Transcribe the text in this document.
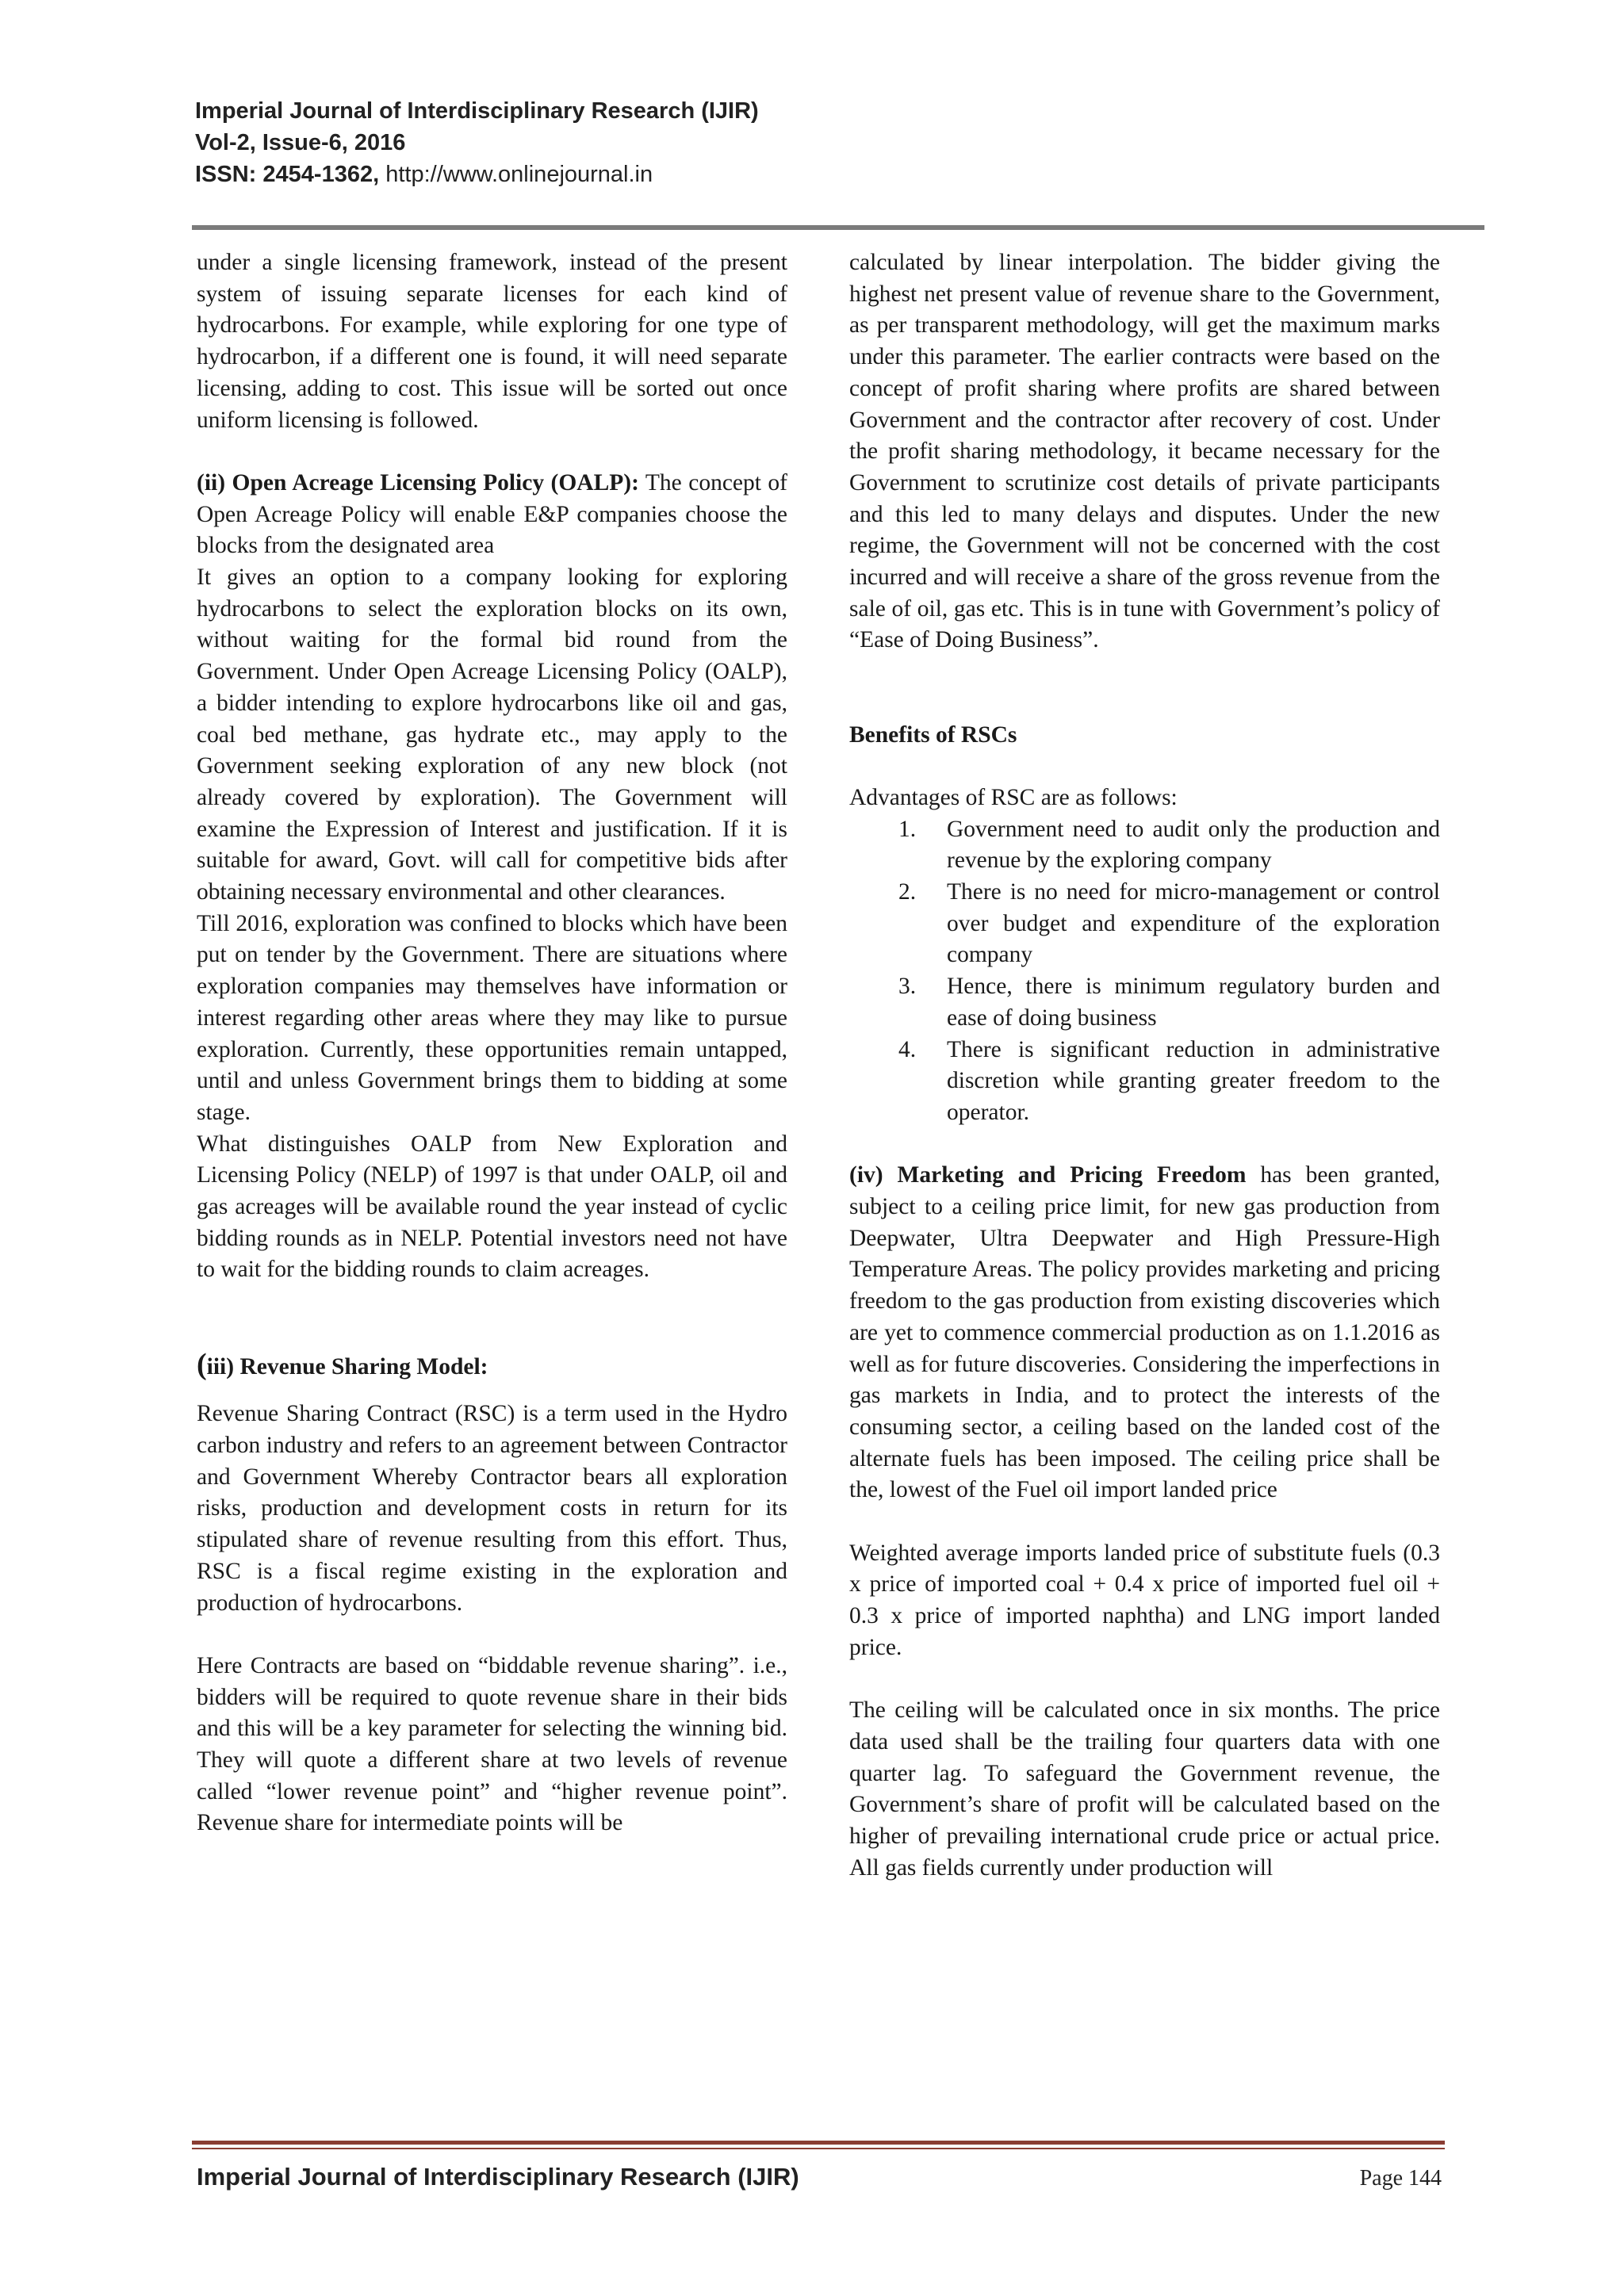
Imperial Journal of Interdisciplinary Research (IJIR)
Vol-2, Issue-6, 2016
ISSN: 2454-1362, http://www.onlinejournal.in

under a single licensing framework, instead of the present system of issuing separate licenses for each kind of hydrocarbons. For example, while exploring for one type of hydrocarbon, if a different one is found, it will need separate licensing, adding to cost. This issue will be sorted out once uniform licensing is followed.

(ii) Open Acreage Licensing Policy (OALP): The concept of Open Acreage Policy will enable E&P companies choose the blocks from the designated area

It gives an option to a company looking for exploring hydrocarbons to select the exploration blocks on its own, without waiting for the formal bid round from the Government. Under Open Acreage Licensing Policy (OALP), a bidder intending to explore hydrocarbons like oil and gas, coal bed methane, gas hydrate etc., may apply to the Government seeking exploration of any new block (not already covered by exploration). The Government will examine the Expression of Interest and justification. If it is suitable for award, Govt. will call for competitive bids after obtaining necessary environmental and other clearances.

Till 2016, exploration was confined to blocks which have been put on tender by the Government. There are situations where exploration companies may themselves have information or interest regarding other areas where they may like to pursue exploration. Currently, these opportunities remain untapped, until and unless Government brings them to bidding at some stage.

What distinguishes OALP from New Exploration and Licensing Policy (NELP) of 1997 is that under OALP, oil and gas acreages will be available round the year instead of cyclic bidding rounds as in NELP. Potential investors need not have to wait for the bidding rounds to claim acreages.

(iii) Revenue Sharing Model:

Revenue Sharing Contract (RSC) is a term used in the Hydro carbon industry and refers to an agreement between Contractor and Government Whereby Contractor bears all exploration risks, production and development costs in return for its stipulated share of revenue resulting from this effort. Thus, RSC is a fiscal regime existing in the exploration and production of hydrocarbons.

Here Contracts are based on “biddable revenue sharing”. i.e., bidders will be required to quote revenue share in their bids and this will be a key parameter for selecting the winning bid. They will quote a different share at two levels of revenue called “lower revenue point” and “higher revenue point”. Revenue share for intermediate points will be

calculated by linear interpolation. The bidder giving the highest net present value of revenue share to the Government, as per transparent methodology, will get the maximum marks under this parameter. The earlier contracts were based on the concept of profit sharing where profits are shared between Government and the contractor after recovery of cost. Under the profit sharing methodology, it became necessary for the Government to scrutinize cost details of private participants and this led to many delays and disputes. Under the new regime, the Government will not be concerned with the cost incurred and will receive a share of the gross revenue from the sale of oil, gas etc. This is in tune with Government’s policy of “Ease of Doing Business”.

Benefits of RSCs

Advantages of RSC are as follows:

1. Government need to audit only the production and revenue by the exploring company
2. There is no need for micro-management or control over budget and expenditure of the exploration company
3. Hence, there is minimum regulatory burden and ease of doing business
4. There is significant reduction in administrative discretion while granting greater freedom to the operator.

(iv) Marketing and Pricing Freedom has been granted, subject to a ceiling price limit, for new gas production from Deepwater, Ultra Deepwater and High Pressure-High Temperature Areas. The policy provides marketing and pricing freedom to the gas production from existing discoveries which are yet to commence commercial production as on 1.1.2016 as well as for future discoveries. Considering the imperfections in gas markets in India, and to protect the interests of the consuming sector, a ceiling based on the landed cost of the alternate fuels has been imposed. The ceiling price shall be the, lowest of the Fuel oil import landed price

Weighted average imports landed price of substitute fuels (0.3 x price of imported coal + 0.4 x price of imported fuel oil + 0.3 x price of imported naphtha) and LNG import landed price.

The ceiling will be calculated once in six months. The price data used shall be the trailing four quarters data with one quarter lag. To safeguard the Government revenue, the Government’s share of profit will be calculated based on the higher of prevailing international crude price or actual price. All gas fields currently under production will

Imperial Journal of Interdisciplinary Research (IJIR)	Page 144
